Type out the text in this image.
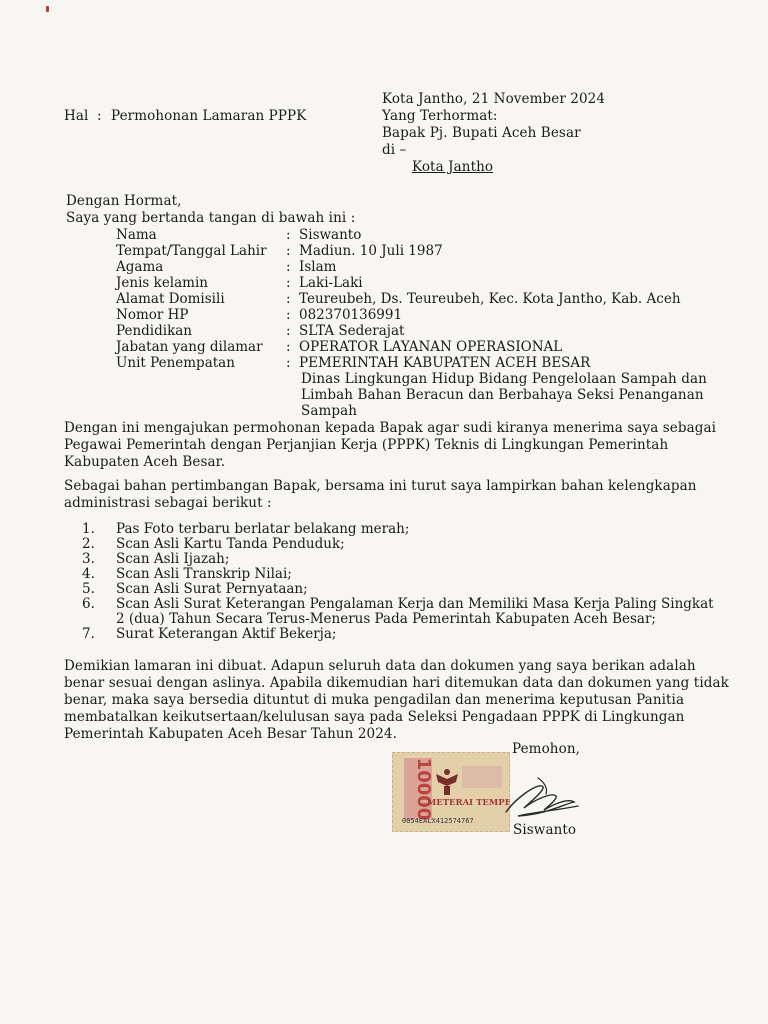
Kota Jantho, 21 November 2024
Hal : Permohonan Lamaran PPPK	Yang Terhormat:
Bapak Pj. Bupati Aceh Besar
di –
Kota Jantho
Dengan Hormat,
Saya yang bertanda tangan di bawah ini :
Nama	: Siswanto
Tempat/Tanggal Lahir : Madiun. 10 Juli 1987
Agama	: Islam
Jenis kelamin	: Laki-Laki
Alamat Domisili	: Teureubeh, Ds. Teureubeh, Kec. Kota Jantho, Kab. Aceh
Nomor HP	: 082370136991
Pendidikan	: SLTA Sederajat
Jabatan yang dilamar : OPERATOR LAYANAN OPERASIONAL
Unit Penempatan	: PEMERINTAH KABUPATEN ACEH BESAR
Dinas Lingkungan Hidup Bidang Pengelolaan Sampah dan
Limbah Bahan Beracun dan Berbahaya Seksi Penanganan
Sampah
Dengan ini mengajukan permohonan kepada Bapak agar sudi kiranya menerima saya sebagai
Pegawai Pemerintah dengan Perjanjian Kerja (PPPK) Teknis di Lingkungan Pemerintah
Kabupaten Aceh Besar.
Sebagai bahan pertimbangan Bapak, bersama ini turut saya lampirkan bahan kelengkapan
administrasi sebagai berikut :
1. Pas Foto terbaru berlatar belakang merah;
2. Scan Asli Kartu Tanda Penduduk;
3. Scan Asli Ijazah;
4. Scan Asli Transkrip Nilai;
5. Scan Asli Surat Pernyataan;
6. Scan Asli Surat Keterangan Pengalaman Kerja dan Memiliki Masa Kerja Paling Singkat
2 (dua) Tahun Secara Terus-Menerus Pada Pemerintah Kabupaten Aceh Besar;
7. Surat Keterangan Aktif Bekerja;
Demikian lamaran ini dibuat. Adapun seluruh data dan dokumen yang saya berikan adalah
benar sesuai dengan aslinya. Apabila dikemudian hari ditemukan data dan dokumen yang tidak
benar, maka saya bersedia dituntut di muka pengadilan dan menerima keputusan Panitia
membatalkan keikutsertaan/kelulusan saya pada Seleksi Pengadaan PPPK di Lingkungan
Pemerintah Kabupaten Aceh Besar Tahun 2024.
Pemohon,
10000
METERAI TEMPEL
0054EALX412574767
Siswanto
